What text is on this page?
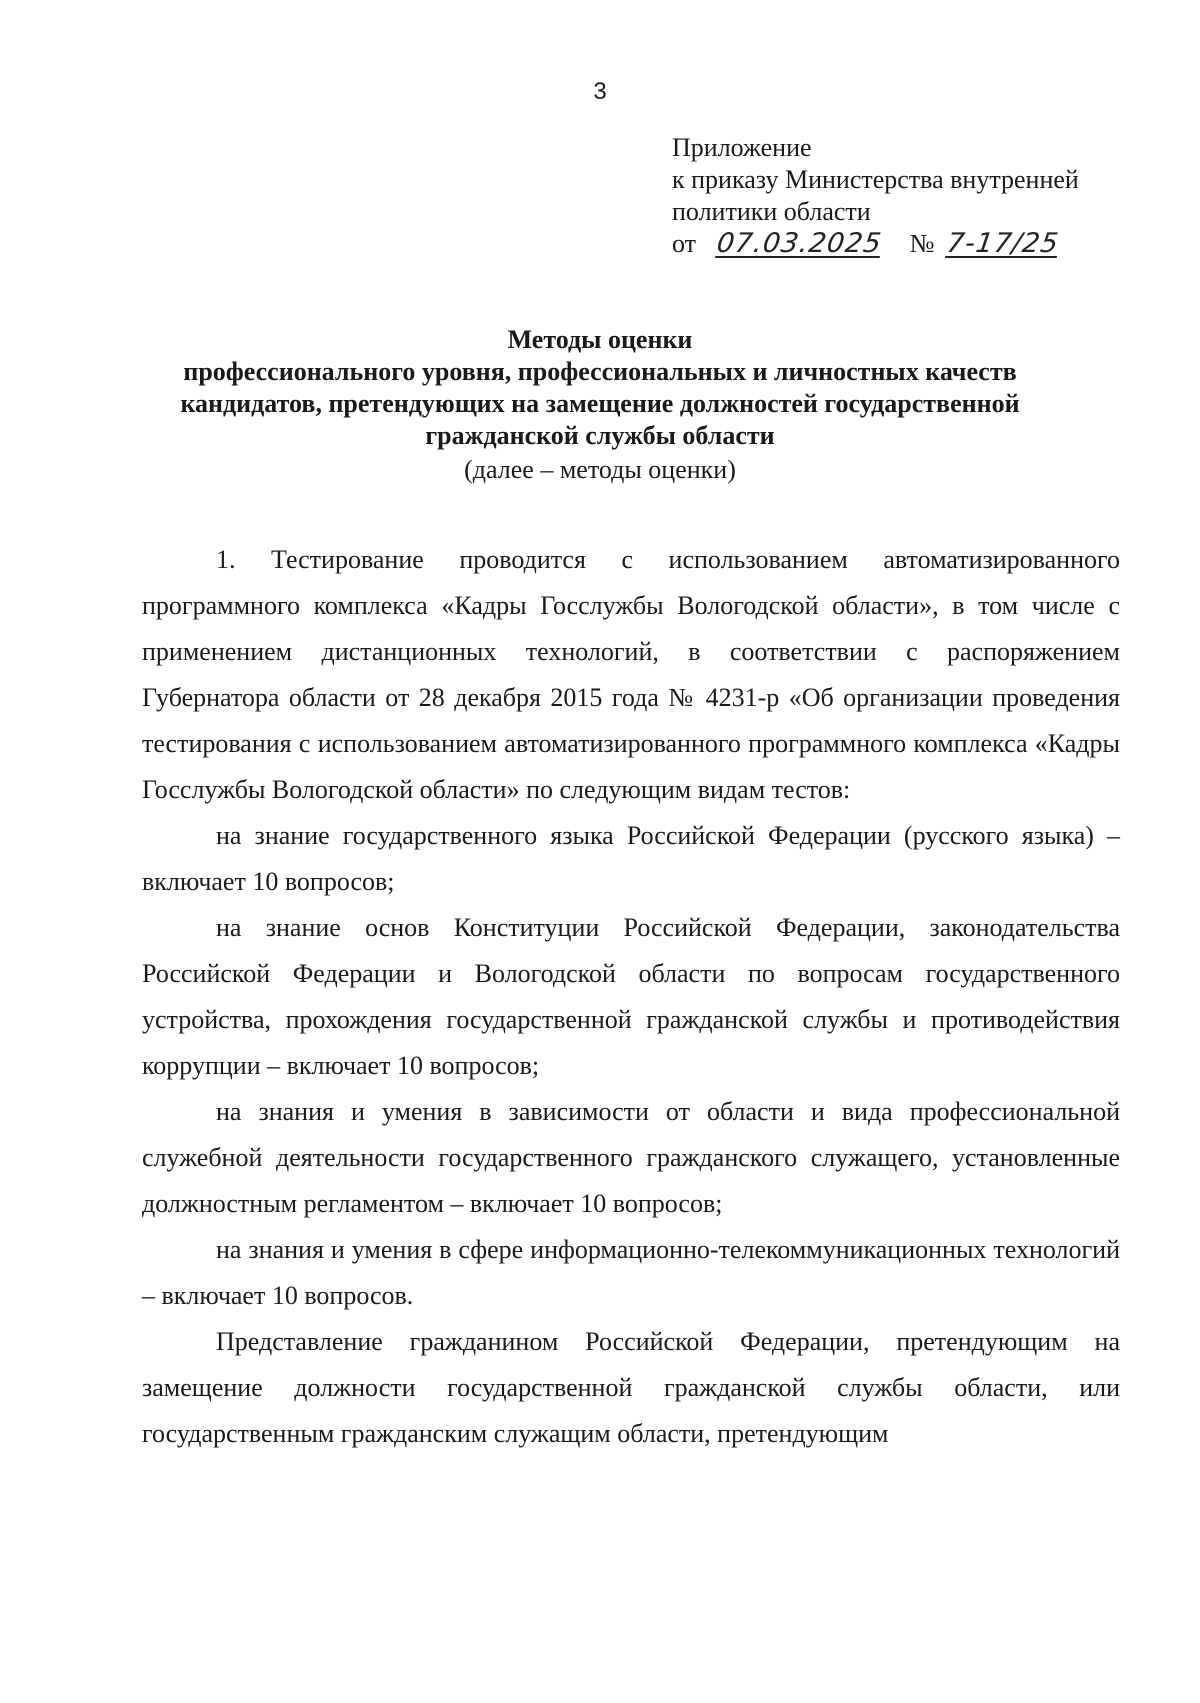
3
Приложение
к приказу Министерства внутренней
политики области
от 07.03.2025 № 7-17/25
Методы оценки
профессионального уровня, профессиональных и личностных качеств
кандидатов, претендующих на замещение должностей государственной
гражданской службы области
(далее – методы оценки)

1. Тестирование проводится с использованием автоматизированного программного комплекса «Кадры Госслужбы Вологодской области», в том числе с применением дистанционных технологий, в соответствии с распоряжением Губернатора области от 28 декабря 2015 года № 4231-р «Об организации проведения тестирования с использованием автоматизированного программного комплекса «Кадры Госслужбы Вологодской области» по следующим видам тестов:

на знание государственного языка Российской Федерации (русского языка) – включает 10 вопросов;

на знание основ Конституции Российской Федерации, законодательства Российской Федерации и Вологодской области по вопросам государственного устройства, прохождения государственной гражданской службы и противодействия коррупции – включает 10 вопросов;

на знания и умения в зависимости от области и вида профессиональной служебной деятельности государственного гражданского служащего, установленные должностным регламентом – включает 10 вопросов;

на знания и умения в сфере информационно-телекоммуникационных технологий – включает 10 вопросов.

Представление гражданином Российской Федерации, претендующим на замещение должности государственной гражданской службы области, или государственным гражданским служащим области, претендующим
